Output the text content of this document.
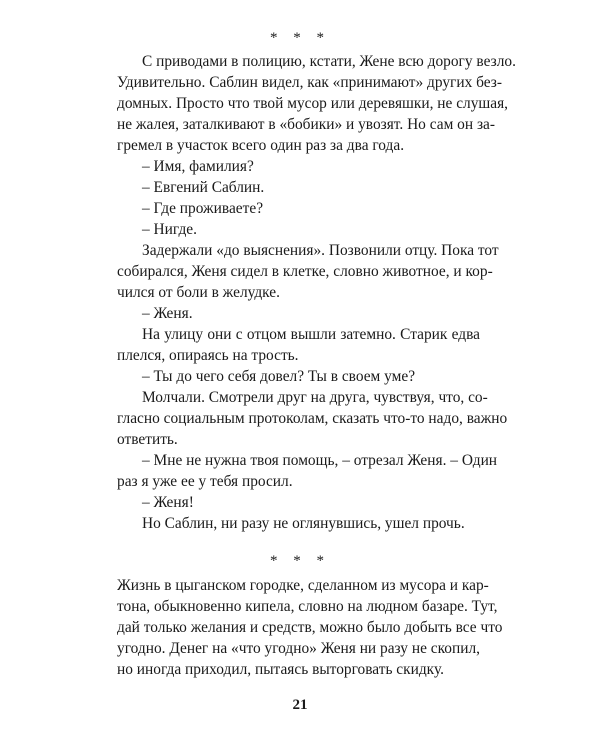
* * *
С приводами в полицию, кстати, Жене всю дорогу везло.
Удивительно. Саблин видел, как «принимают» других без-
домных. Просто что твой мусор или деревяшки, не слушая,
не жалея, заталкивают в «бобики» и увозят. Но сам он за-
гремел в участок всего один раз за два года.
– Имя, фамилия?
– Евгений Саблин.
– Где проживаете?
– Нигде.
Задержали «до выяснения». Позвонили отцу. Пока тот
собирался, Женя сидел в клетке, словно животное, и кор-
чился от боли в желудке.
– Женя.
На улицу они с отцом вышли затемно. Старик едва
плелся, опираясь на трость.
– Ты до чего себя довел? Ты в своем уме?
Молчали. Смотрели друг на друга, чувствуя, что, со-
гласно социальным протоколам, сказать что-то надо, важно
ответить.
– Мне не нужна твоя помощь, – отрезал Женя. – Один
раз я уже ее у тебя просил.
– Женя!
Но Саблин, ни разу не оглянувшись, ушел прочь.
* * *
Жизнь в цыганском городке, сделанном из мусора и кар-
тона, обыкновенно кипела, словно на людном базаре. Тут,
дай только желания и средств, можно было добыть все что
угодно. Денег на «что угодно» Женя ни разу не скопил,
но иногда приходил, пытаясь выторговать скидку.
21
